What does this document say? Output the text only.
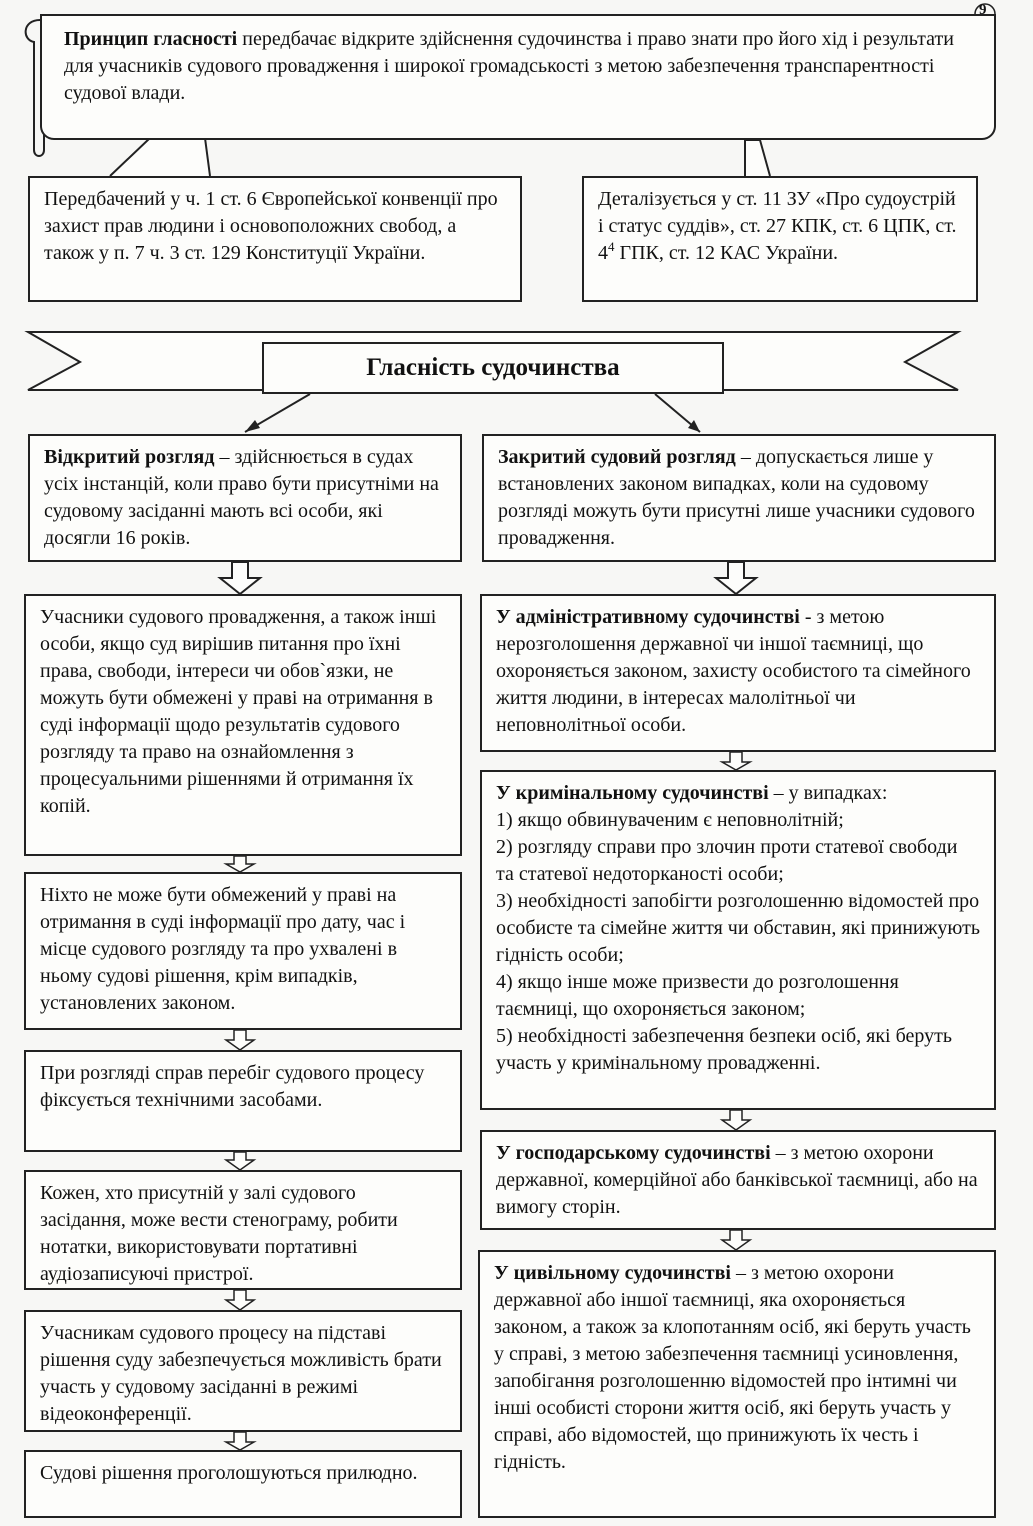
Принцип гласності передбачає відкрите здійснення судочинства і право знати про його хід і результати для учасників судового провадження і широкої громадськості з метою забезпечення транспарентності судової влади.
9
Передбачений у ч. 1 ст. 6 Європейської конвенції про захист прав людини і основоположних свобод, а також у п. 7 ч. 3 ст. 129 Конституції України.
Деталізується у ст. 11 ЗУ «Про судоустрій і статус суддів», ст. 27 КПК, ст. 6 ЦПК, ст. $4^4$ ГПК, ст. 12 КАС України.
Гласність судочинства
Відкритий розгляд – здійснюється в судах усіх інстанцій, коли право бути присутніми на судовому засіданні мають всі особи, які досягли 16 років.
Учасники судового провадження, а також інші особи, якщо суд вирішив питання про їхні права, свободи, інтереси чи обов`язки, не можуть бути обмежені у праві на отримання в суді інформації щодо результатів судового розгляду та право на ознайомлення з процесуальними рішеннями й отримання їх копій.
Ніхто не може бути обмежений у праві на отримання в суді інформації про дату, час і місце судового розгляду та про ухвалені в ньому судові рішення, крім випадків, установлених законом.
При розгляді справ перебіг судового процесу фіксується технічними засобами.
Кожен, хто присутній у залі судового засідання, може вести стенограму, робити нотатки, використовувати портативні аудіозаписуючі пристрої.
Учасникам судового процесу на підставі рішення суду забезпечується можливість брати участь у судовому засіданні в режимі відеоконференції.
Судові рішення проголошуються прилюдно.
Закритий судовий розгляд – допускається лише у встановлених законом випадках, коли на судовому розгляді можуть бути присутні лише учасники судового провадження.
У адміністративному судочинстві - з метою нерозголошення державної чи іншої таємниці, що охороняється законом, захисту особистого та сімейного життя людини, в інтересах малолітньої чи неповнолітньої особи.
У кримінальному судочинстві – у випадках:
1) якщо обвинуваченим є неповнолітній;
2) розгляду справи про злочин проти статевої свободи та статевої недоторканості особи;
3) необхідності запобігти розголошенню відомостей про особисте та сімейне життя чи обставин, які принижують гідність особи;
4) якщо інше може призвести до розголошення таємниці, що охороняється законом;
5) необхідності забезпечення безпеки осіб, які беруть участь у кримінальному провадженні.
У господарському судочинстві – з метою охорони державної, комерційної або банківської таємниці, або на вимогу сторін.
У цивільному судочинстві – з метою охорони державної або іншої таємниці, яка охороняється законом, а також за клопотанням осіб, які беруть участь у справі, з метою забезпечення таємниці усиновлення, запобігання розголошенню відомостей про інтимні чи інші особисті сторони життя осіб, які беруть участь у справі, або відомостей, що принижують їх честь і гідність.
